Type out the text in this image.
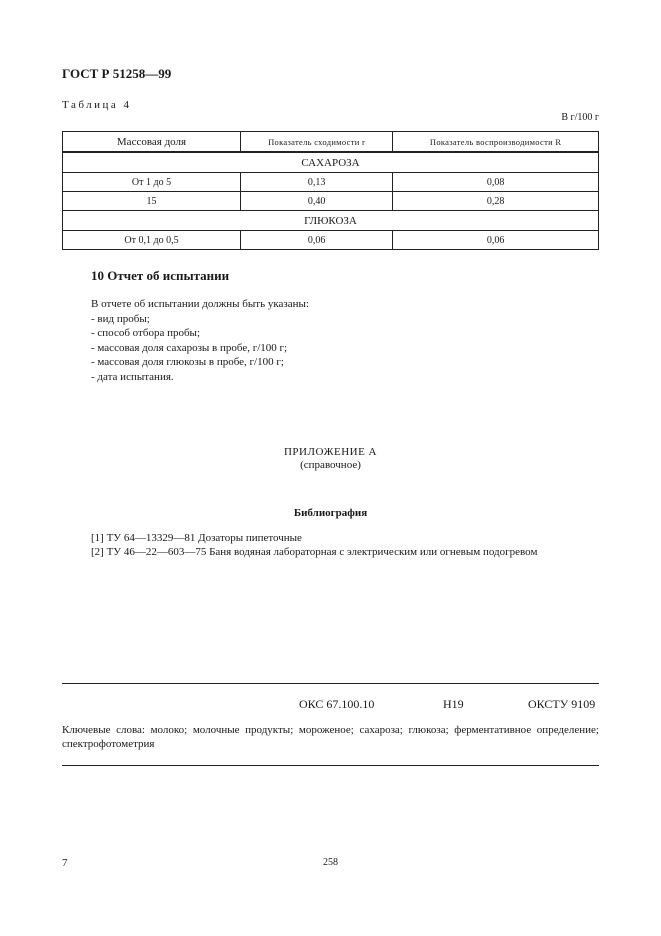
ГОСТ Р 51258—99
Таблица 4
В г/100 г
Массовая доля	Показатель сходимости r	Показатель воспроизводимости R
САХАРОЗА		
От 1 до 5	0,13	0,08
15	0,40	0,28
ГЛЮКОЗА		
От 0,1 до 0,5	0,06	0,06
10 Отчет об испытании
В отчете об испытании должны быть указаны:
- вид пробы;
- способ отбора пробы;
- массовая доля сахарозы в пробе, г/100 г;
- массовая доля глюкозы в пробе, г/100 г;
- дата испытания.
ПРИЛОЖЕНИЕ А
(справочное)
Библиография
[1] ТУ 64—13329—81 Дозаторы пипеточные
[2] ТУ 46—22—603—75 Баня водяная лабораторная с электрическим или огневым подогревом
ОКС 67.100.10	Н19	ОКСТУ 9109
Ключевые слова: молоко; молочные продукты; мороженое; сахароза; глюкоза; ферментативное определение; спектрофотометрия
7	258
